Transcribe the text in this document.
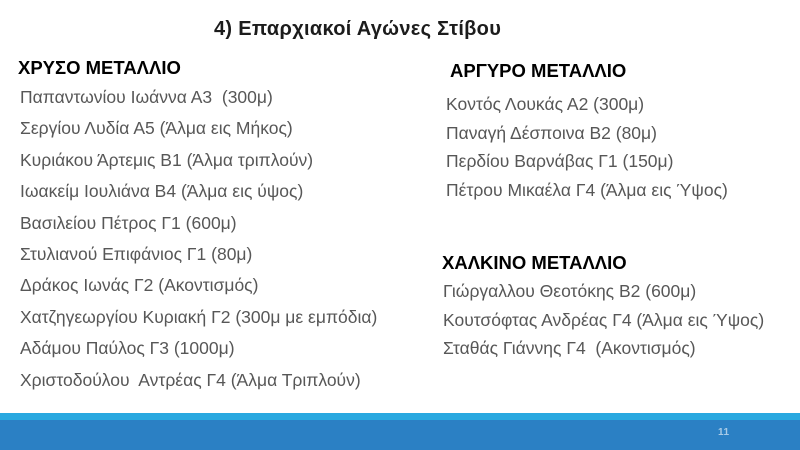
4) Επαρχιακοί Αγώνες Στίβου
ΧΡΥΣΟ ΜΕΤΑΛΛΙΟ
Παπαντωνίου Ιωάννα Α3  (300μ)
Σεργίου Λυδία Α5 (Άλμα εις Μήκος)
Κυριάκου Άρτεμις Β1 (Άλμα τριπλούν)
Ιωακείμ Ιουλιάνα Β4 (Άλμα εις ύψος)
Βασιλείου Πέτρος Γ1 (600μ)
Στυλιανού Επιφάνιος Γ1 (80μ)
Δράκος Ιωνάς Γ2 (Ακοντισμός)
Χατζηγεωργίου Κυριακή Γ2 (300μ με εμπόδια)
Αδάμου Παύλος Γ3 (1000μ)
Χριστοδούλου  Αντρέας Γ4 (Άλμα Τριπλούν)
ΑΡΓΥΡΟ ΜΕΤΑΛΛΙΟ
Κοντός Λουκάς Α2 (300μ)
Παναγή Δέσποινα Β2 (80μ)
Περδίου Βαρνάβας Γ1 (150μ)
Πέτρου Μικαέλα Γ4 (Άλμα εις Ύψος)
ΧΑΛΚΙΝΟ ΜΕΤΑΛΛΙΟ
Γιώργαλλου Θεοτόκης Β2 (600μ)
Κουτσόφτας Ανδρέας Γ4 (Άλμα εις Ύψος)
Σταθάς Γιάννης Γ4  (Ακοντισμός)
11
